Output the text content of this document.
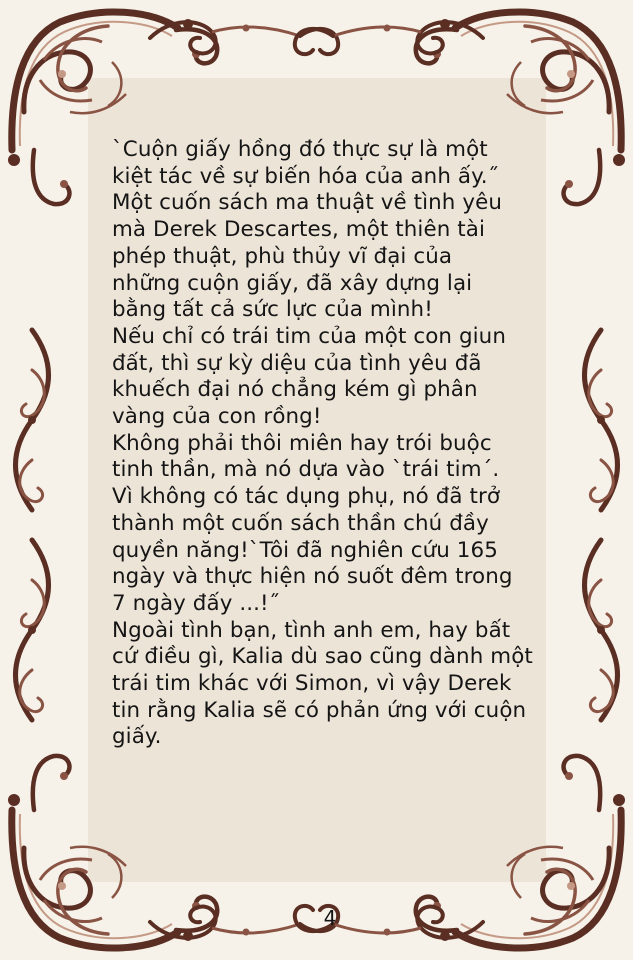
`Cuộn giấy hồng đó thực sự là một
kiệt tác về sự biến hóa của anh ấy.˝
Một cuốn sách ma thuật về tình yêu
mà Derek Descartes, một thiên tài
phép thuật, phù thủy vĩ đại của
những cuộn giấy, đã xây dựng lại
bằng tất cả sức lực của mình!
Nếu chỉ có trái tim của một con giun
đất, thì sự kỳ diệu của tình yêu đã
khuếch đại nó chẳng kém gì phân
vàng của con rồng!
Không phải thôi miên hay trói buộc
tinh thần, mà nó dựa vào `trái tim´.
Vì không có tác dụng phụ, nó đã trở
thành một cuốn sách thần chú đầy
quyền năng!`Tôi đã nghiên cứu 165
ngày và thực hiện nó suốt đêm trong
7 ngày đấy ...!˝
Ngoài tình bạn, tình anh em, hay bất
cứ điều gì, Kalia dù sao cũng dành một
trái tim khác với Simon, vì vậy Derek
tin rằng Kalia sẽ có phản ứng với cuộn
giấy.
4
